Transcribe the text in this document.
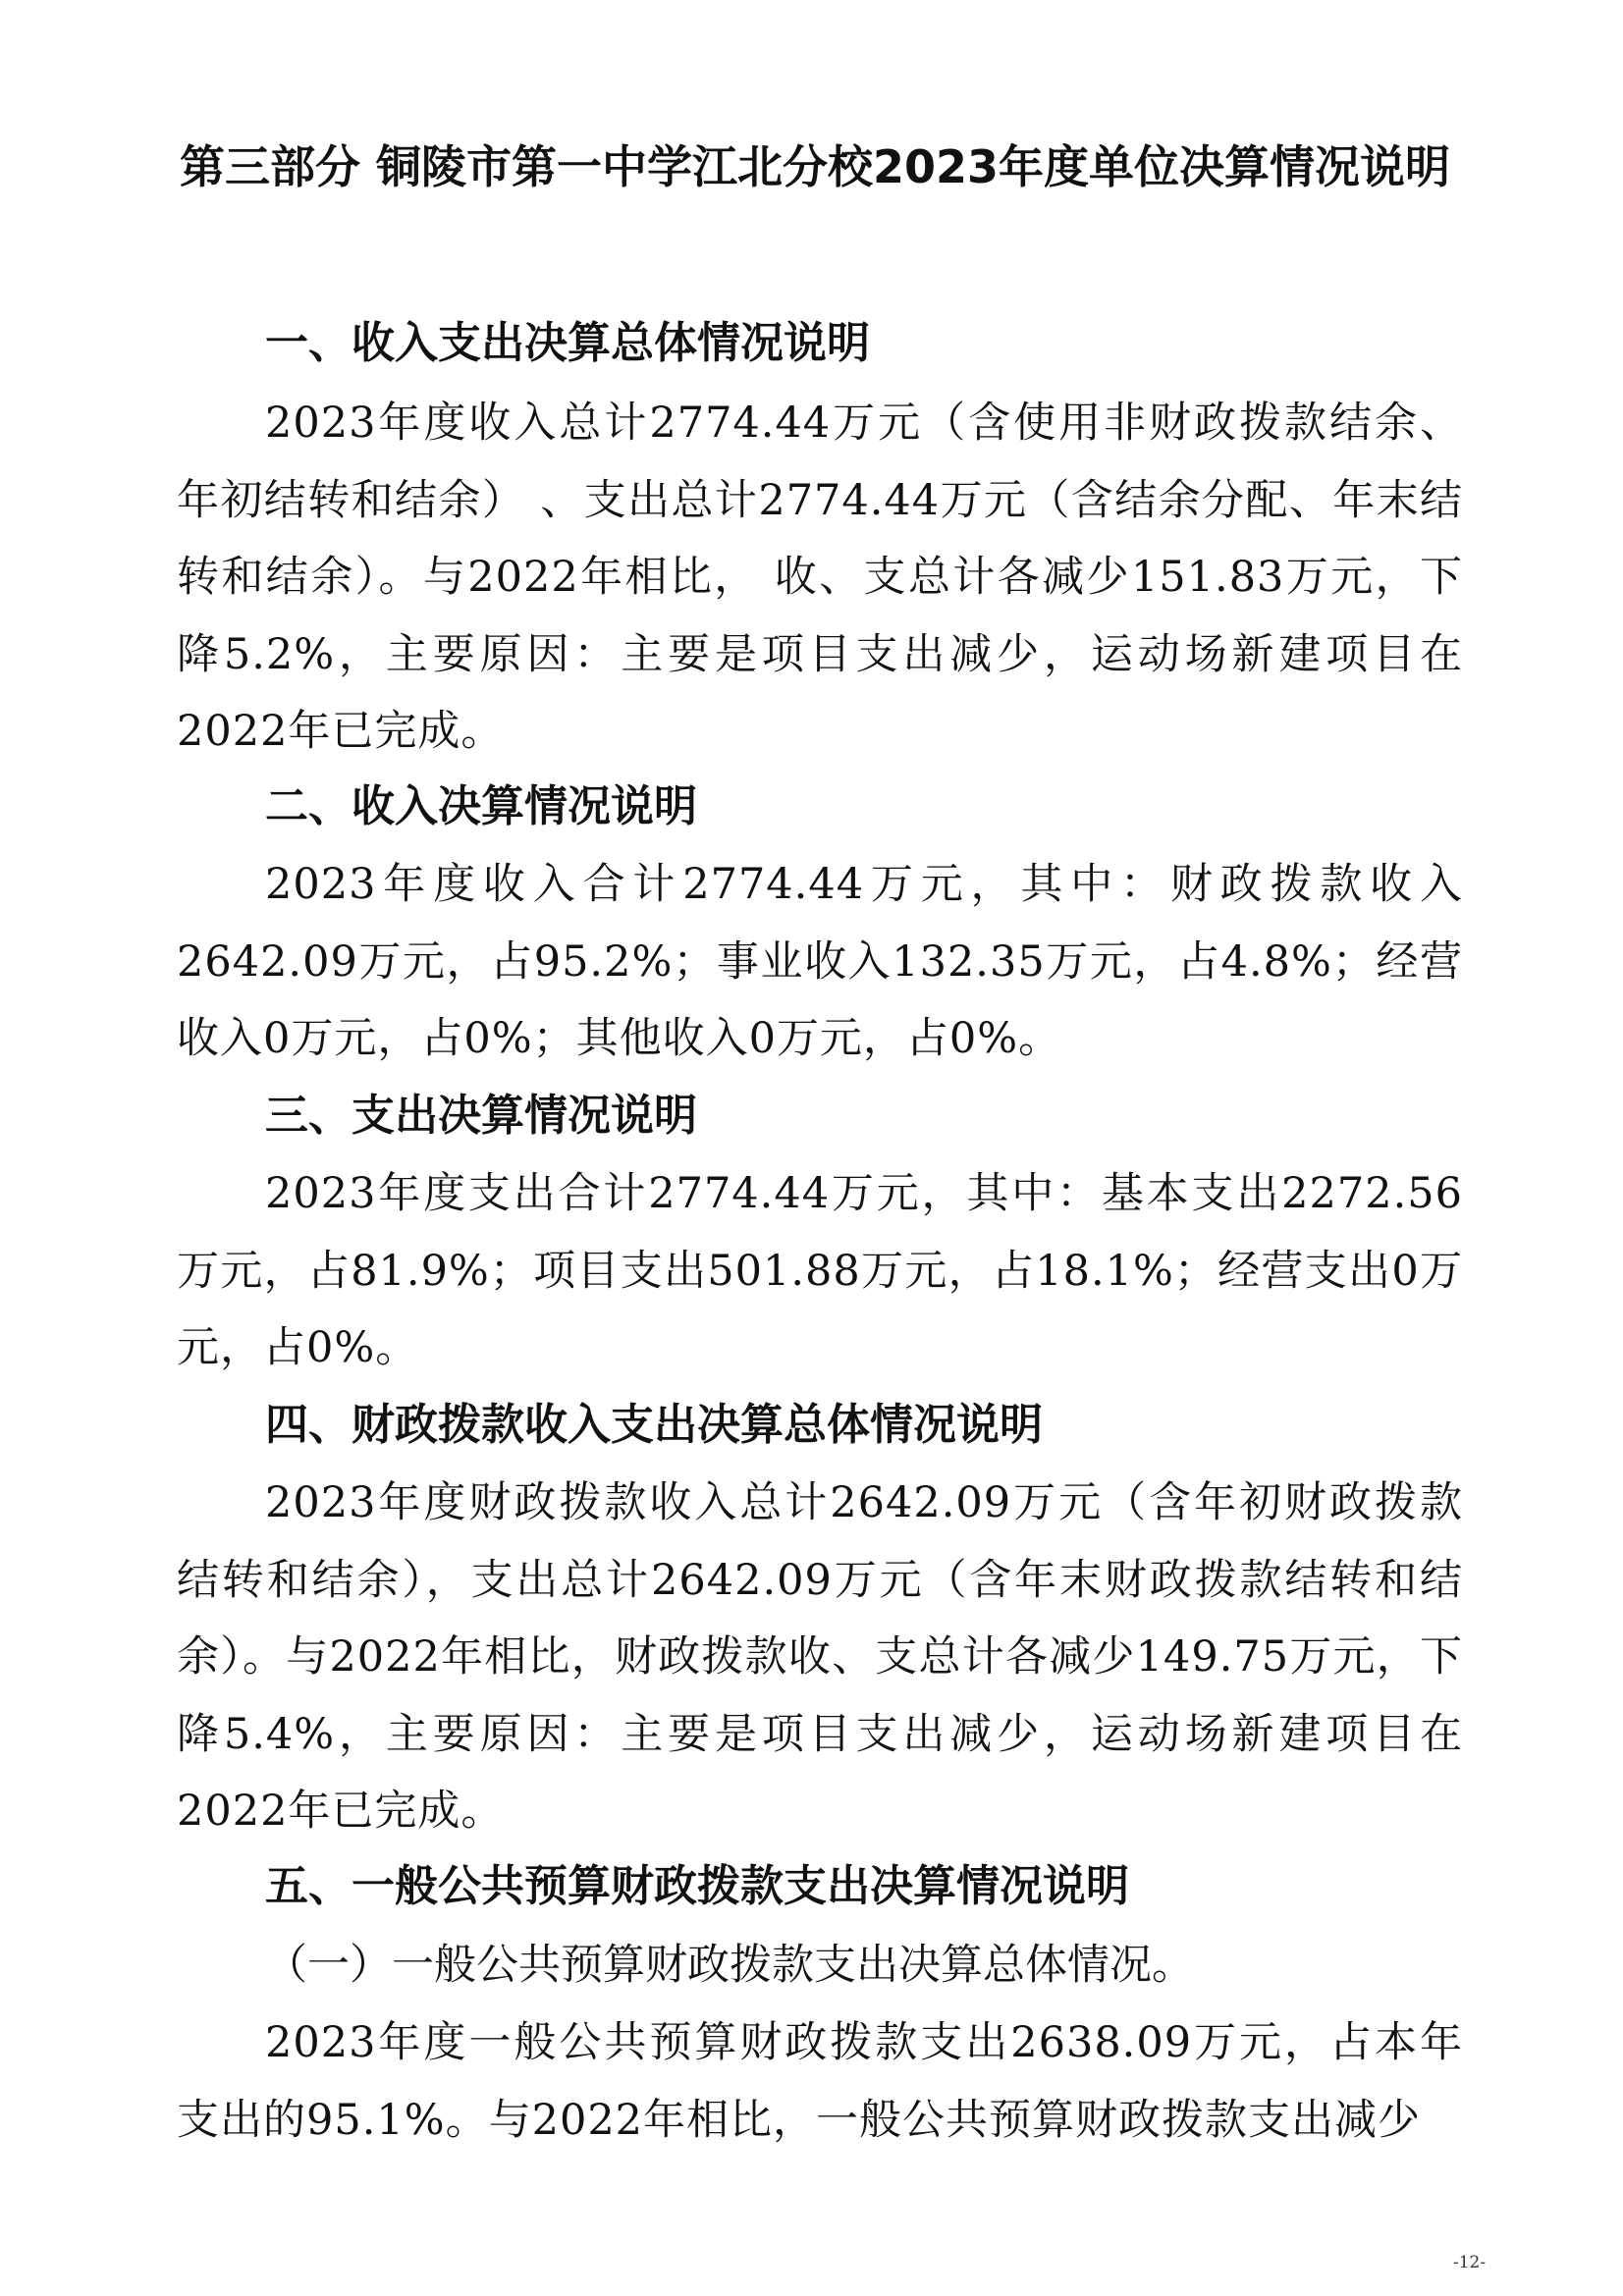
第三部分 铜陵市第一中学江北分校2023年度单位决算情况说明
一、收入支出决算总体情况说明

2023年度收入总计2774.44万元（含使用非财政拨款结余、年初结转和结余） 、支出总计2774.44万元（含结余分配、年末结转和结余）。与2022年相比， 收、支总计各减少151.83万元，下降5.2%，主要原因：主要是项目支出减少，运动场新建项目在2022年已完成。

二、收入决算情况说明

2023年度收入合计2774.44万元，其中：财政拨款收入2642.09万元，占95.2%；事业收入132.35万元，占4.8%；经营收入0万元，占0%；其他收入0万元，占0%。

三、支出决算情况说明

2023年度支出合计2774.44万元，其中：基本支出2272.56万元，占81.9%；项目支出501.88万元，占18.1%；经营支出0万元，占0%。

四、财政拨款收入支出决算总体情况说明

2023年度财政拨款收入总计2642.09万元（含年初财政拨款结转和结余），支出总计2642.09万元（含年末财政拨款结转和结余）。与2022年相比，财政拨款收、支总计各减少149.75万元，下降5.4%，主要原因：主要是项目支出减少，运动场新建项目在2022年已完成。

五、一般公共预算财政拨款支出决算情况说明

（一）一般公共预算财政拨款支出决算总体情况。

2023年度一般公共预算财政拨款支出2638.09万元，占本年支出的95.1%。与2022年相比，一般公共预算财政拨款支出减少

-12-
